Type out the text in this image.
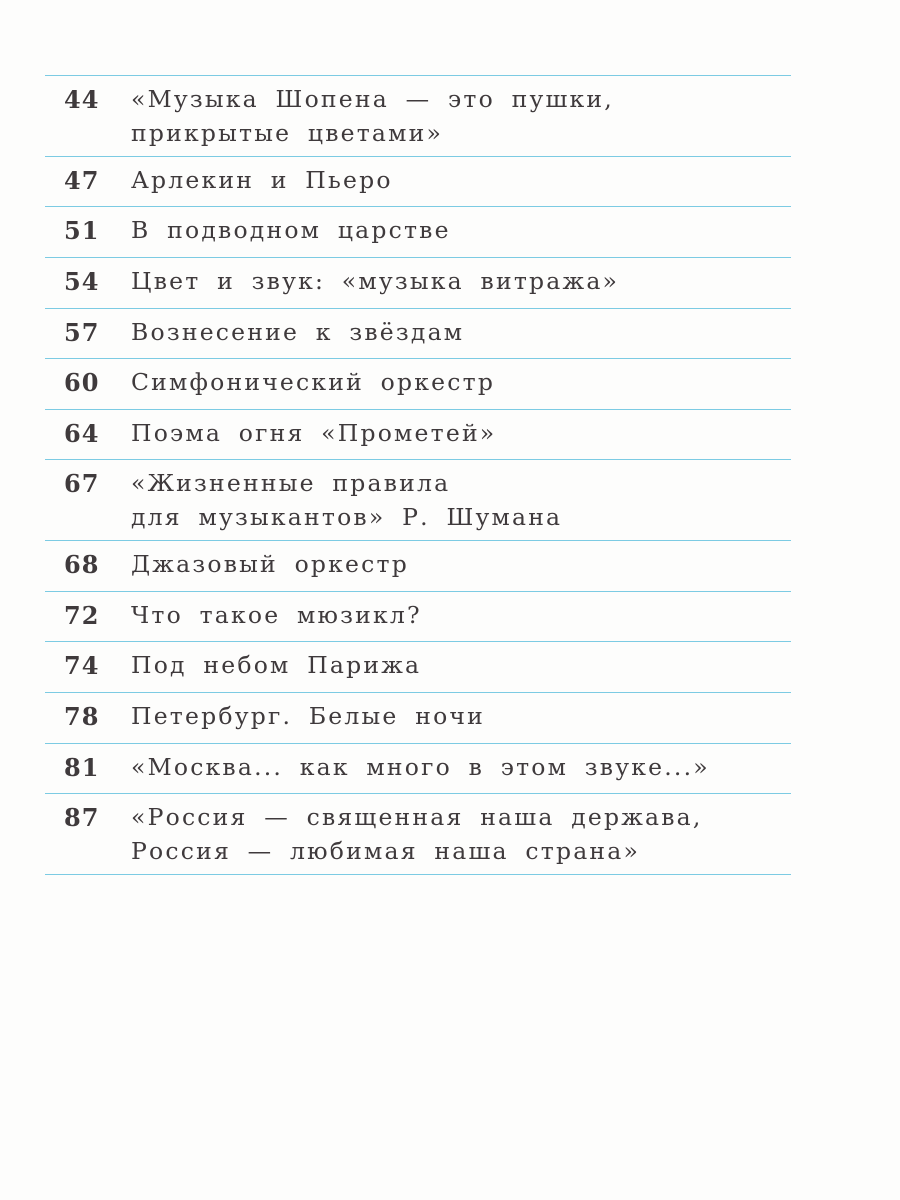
44	«Музыка Шопена — это пушки,
прикрытые цветами»
47	Арлекин и Пьеро
51	В подводном царстве
54	Цвет и звук: «музыка витража»
57	Вознесение к звёздам
60	Симфонический оркестр
64	Поэма огня «Прометей»
67	«Жизненные правила
для музыкантов» Р. Шумана
68	Джазовый оркестр
72	Что такое мюзикл?
74	Под небом Парижа
78	Петербург. Белые ночи
81	«Москва... как много в этом звуке...»
87	«Россия — священная наша держава,
Россия — любимая наша страна»
